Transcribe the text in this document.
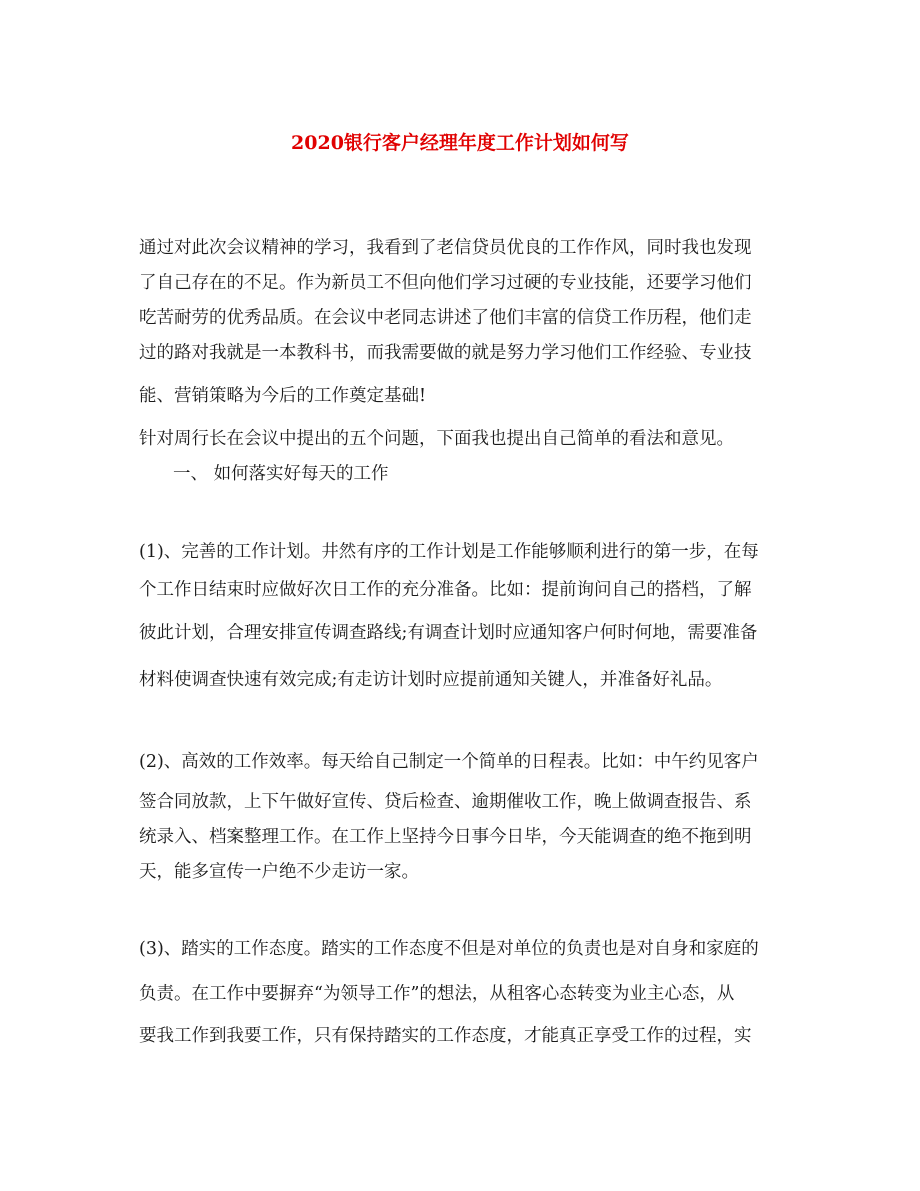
2020银行客户经理年度工作计划如何写
通过对此次会议精神的学习，我看到了老信贷员优良的工作作风，同时我也发现
了自己存在的不足。作为新员工不但向他们学习过硬的专业技能，还要学习他们
吃苦耐劳的优秀品质。在会议中老同志讲述了他们丰富的信贷工作历程，他们走
过的路对我就是一本教科书，而我需要做的就是努力学习他们工作经验、专业技
能、营销策略为今后的工作奠定基础!
针对周行长在会议中提出的五个问题，下面我也提出自己简单的看法和意见。
一、 如何落实好每天的工作
(1)、完善的工作计划。井然有序的工作计划是工作能够顺利进行的第一步，在每
个工作日结束时应做好次日工作的充分准备。比如：提前询问自己的搭档，了解
彼此计划，合理安排宣传调查路线;有调查计划时应通知客户何时何地，需要准备
材料使调查快速有效完成;有走访计划时应提前通知关键人，并准备好礼品。
(2)、高效的工作效率。每天给自己制定一个简单的日程表。比如：中午约见客户
签合同放款，上下午做好宣传、贷后检查、逾期催收工作，晚上做调查报告、系
统录入、档案整理工作。在工作上坚持今日事今日毕，今天能调查的绝不拖到明
天，能多宣传一户绝不少走访一家。
(3)、踏实的工作态度。踏实的工作态度不但是对单位的负责也是对自身和家庭的
负责。在工作中要摒弃“为领导工作”的想法，从租客心态转变为业主心态，从
要我工作到我要工作，只有保持踏实的工作态度，才能真正享受工作的过程，实
